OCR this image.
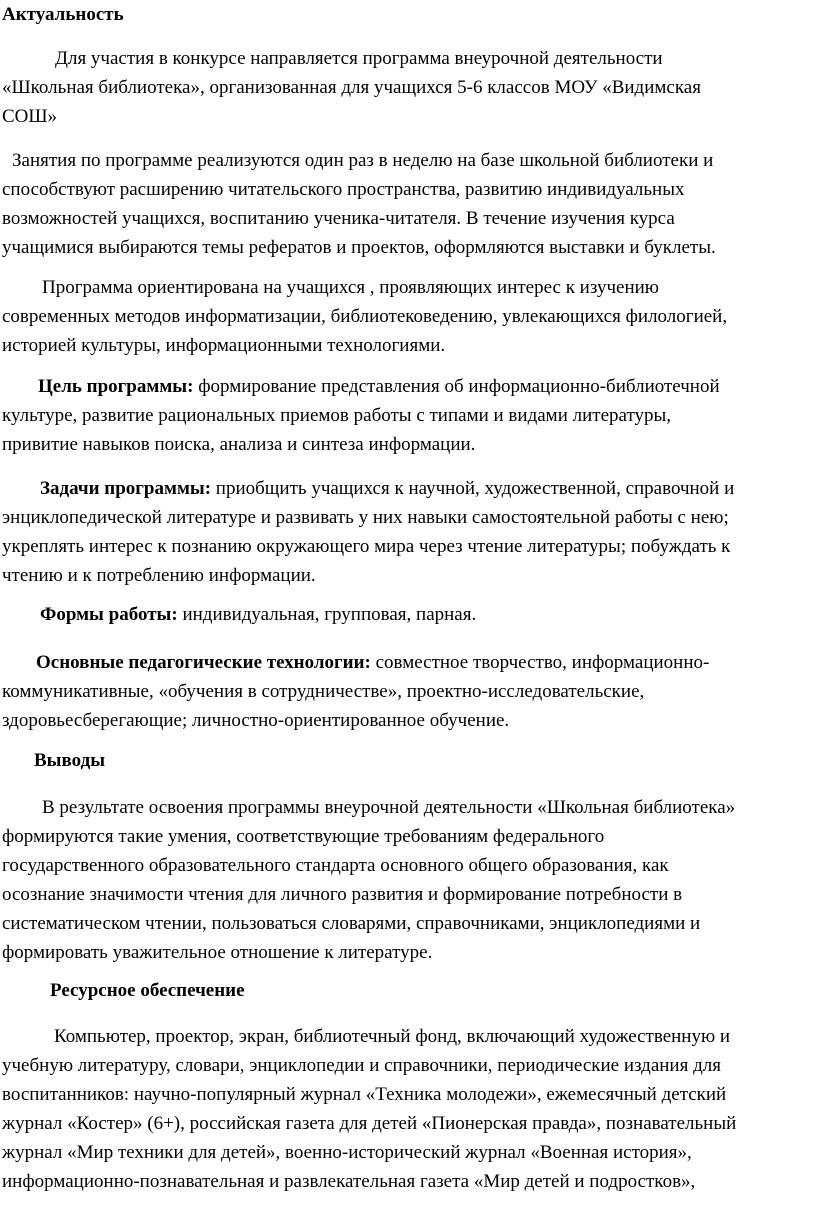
Актуальность
Для участия в конкурсе направляется программа внеурочной деятельности
«Школьная библиотека», организованная для учащихся 5-6 классов МОУ «Видимская
СОШ»
Занятия по программе реализуются один раз в неделю на базе школьной библиотеки и
способствуют расширению читательского пространства, развитию индивидуальных
возможностей учащихся, воспитанию ученика-читателя. В течение изучения курса
учащимися выбираются темы рефератов и проектов, оформляются выставки и буклеты.
Программа ориентирована на учащихся , проявляющих интерес к изучению
современных методов информатизации, библиотековедению, увлекающихся филологией,
историей культуры, информационными технологиями.
Цель программы: формирование представления об информационно-библиотечной
культуре, развитие рациональных приемов работы с типами и видами литературы,
привитие навыков поиска, анализа и синтеза информации.
Задачи программы: приобщить учащихся к научной, художественной, справочной и
энциклопедической литературе и развивать у них навыки самостоятельной работы с нею;
укреплять интерес к познанию окружающего мира через чтение литературы; побуждать к
чтению и к потреблению информации.
Формы работы: индивидуальная, групповая, парная.
Основные педагогические технологии: совместное творчество, информационно-
коммуникативные, «обучения в сотрудничестве», проектно-исследовательские,
здоровьесберегающие; личностно-ориентированное обучение.
Выводы
В результате освоения программы внеурочной деятельности «Школьная библиотека»
формируются такие умения, соответствующие требованиям федерального
государственного образовательного стандарта основного общего образования, как
осознание значимости чтения для личного развития и формирование потребности в
систематическом чтении, пользоваться словарями, справочниками, энциклопедиями и
формировать уважительное отношение к литературе.
Ресурсное обеспечение
Компьютер, проектор, экран, библиотечный фонд, включающий художественную и
учебную литературу, словари, энциклопедии и справочники, периодические издания для
воспитанников: научно-популярный журнал «Техника молодежи», ежемесячный детский
журнал «Костер» (6+), российская газета для детей «Пионерская правда», познавательный
журнал «Мир техники для детей», военно-исторический журнал «Военная история»,
информационно-познавательная и развлекательная газета «Мир детей и подростков»,
